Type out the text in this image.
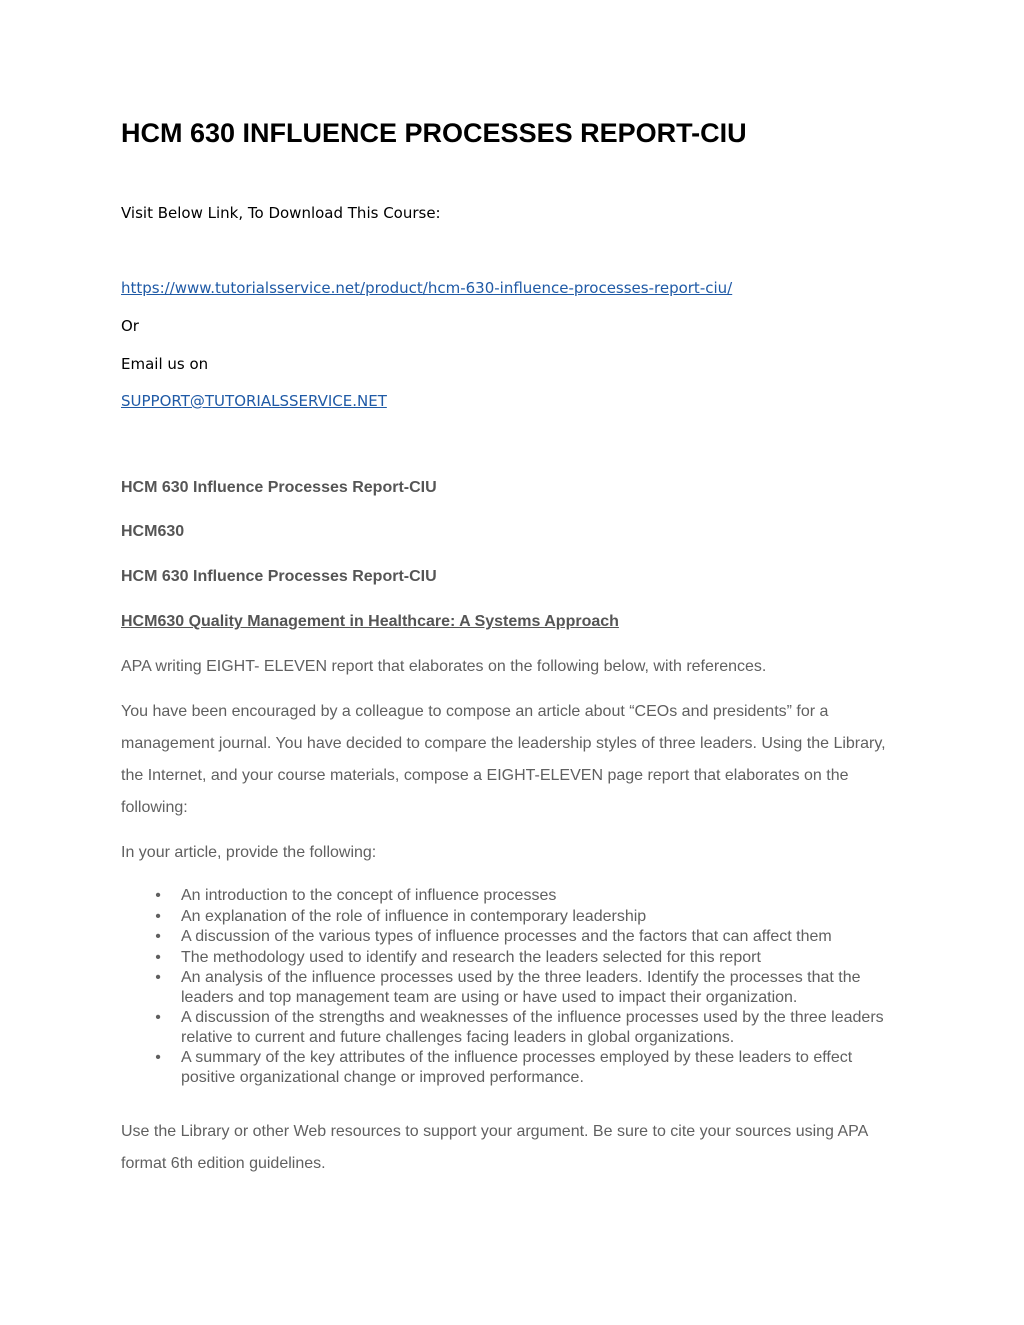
HCM 630 INFLUENCE PROCESSES REPORT-CIU

Visit Below Link, To Download This Course:

https://www.tutorialsservice.net/product/hcm-630-influence-processes-report-ciu/

Or

Email us on

SUPPORT@TUTORIALSSERVICE.NET

HCM 630 Influence Processes Report-CIU

HCM630

HCM 630 Influence Processes Report-CIU

HCM630 Quality Management in Healthcare: A Systems Approach

APA writing EIGHT- ELEVEN report that elaborates on the following below, with references.

You have been encouraged by a colleague to compose an article about “CEOs and presidents” for a management journal. You have decided to compare the leadership styles of three leaders. Using the Library, the Internet, and your course materials, compose a EIGHT-ELEVEN page report that elaborates on the following:

In your article, provide the following:

• An introduction to the concept of influence processes
• An explanation of the role of influence in contemporary leadership
• A discussion of the various types of influence processes and the factors that can affect them
• The methodology used to identify and research the leaders selected for this report
• An analysis of the influence processes used by the three leaders. Identify the processes that the leaders and top management team are using or have used to impact their organization.
• A discussion of the strengths and weaknesses of the influence processes used by the three leaders relative to current and future challenges facing leaders in global organizations.
• A summary of the key attributes of the influence processes employed by these leaders to effect positive organizational change or improved performance.

Use the Library or other Web resources to support your argument. Be sure to cite your sources using APA format 6th edition guidelines.
